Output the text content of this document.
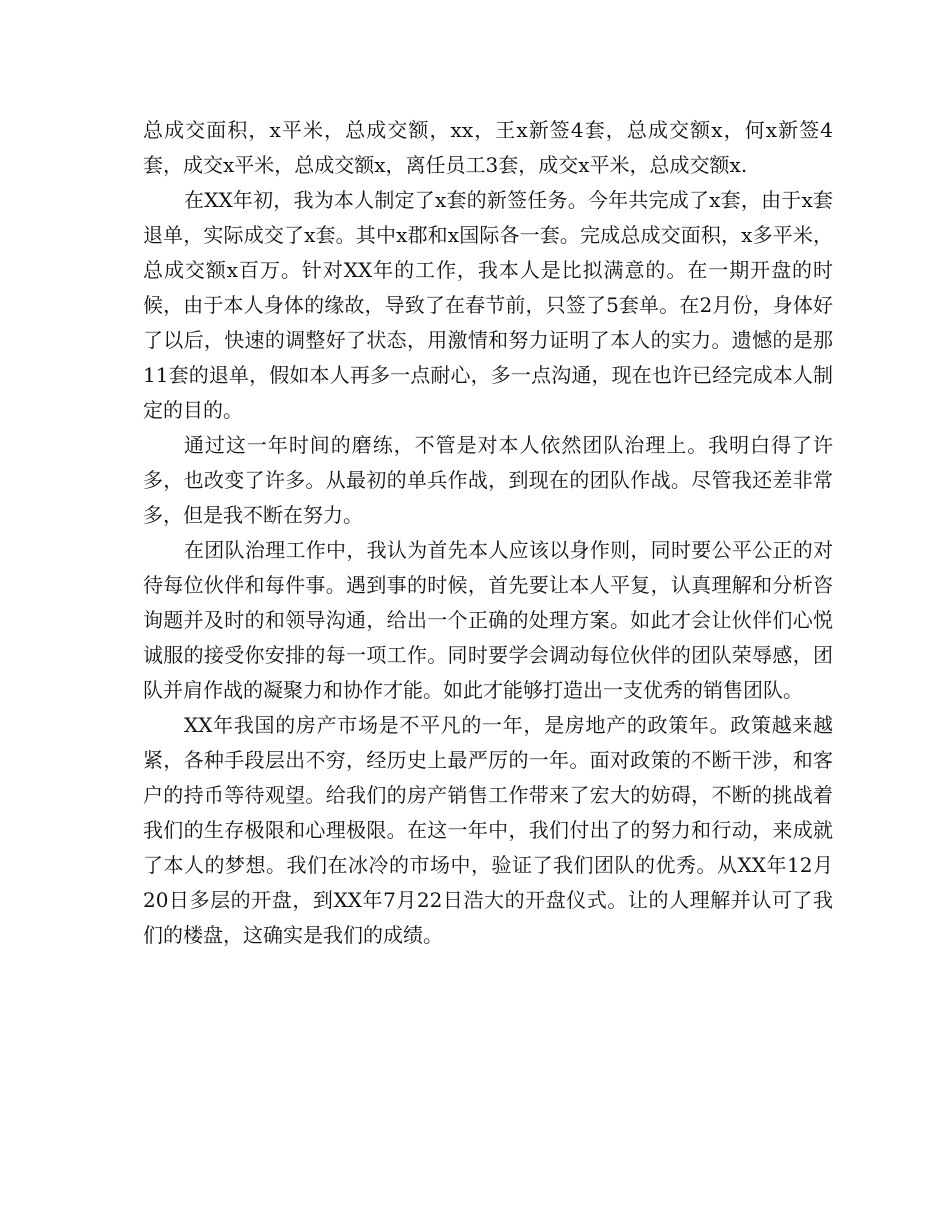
总成交面积，x平米，总成交额，xx，王x新签4套，总成交额x，何x新签4套，成交x平米，总成交额x，离任员工3套，成交x平米，总成交额x.

在XX年初，我为本人制定了x套的新签任务。今年共完成了x套，由于x套退单，实际成交了x套。其中x郡和x国际各一套。完成总成交面积，x多平米，总成交额x百万。针对XX年的工作，我本人是比拟满意的。在一期开盘的时候，由于本人身体的缘故，导致了在春节前，只签了5套单。在2月份，身体好了以后，快速的调整好了状态，用激情和努力证明了本人的实力。遗憾的是那11套的退单，假如本人再多一点耐心，多一点沟通，现在也许已经完成本人制定的目的。

通过这一年时间的磨练，不管是对本人依然团队治理上。我明白得了许多，也改变了许多。从最初的单兵作战，到现在的团队作战。尽管我还差非常多，但是我不断在努力。

在团队治理工作中，我认为首先本人应该以身作则，同时要公平公正的对待每位伙伴和每件事。遇到事的时候，首先要让本人平复，认真理解和分析咨询题并及时的和领导沟通，给出一个正确的处理方案。如此才会让伙伴们心悦诚服的接受你安排的每一项工作。同时要学会调动每位伙伴的团队荣辱感，团队并肩作战的凝聚力和协作才能。如此才能够打造出一支优秀的销售团队。

XX年我国的房产市场是不平凡的一年，是房地产的政策年。政策越来越紧，各种手段层出不穷，经历史上最严厉的一年。面对政策的不断干涉，和客户的持币等待观望。给我们的房产销售工作带来了宏大的妨碍，不断的挑战着我们的生存极限和心理极限。在这一年中，我们付出了的努力和行动，来成就了本人的梦想。我们在冰冷的市场中，验证了我们团队的优秀。从XX年12月20日多层的开盘，到XX年7月22日浩大的开盘仪式。让的人理解并认可了我们的楼盘，这确实是我们的成绩。
